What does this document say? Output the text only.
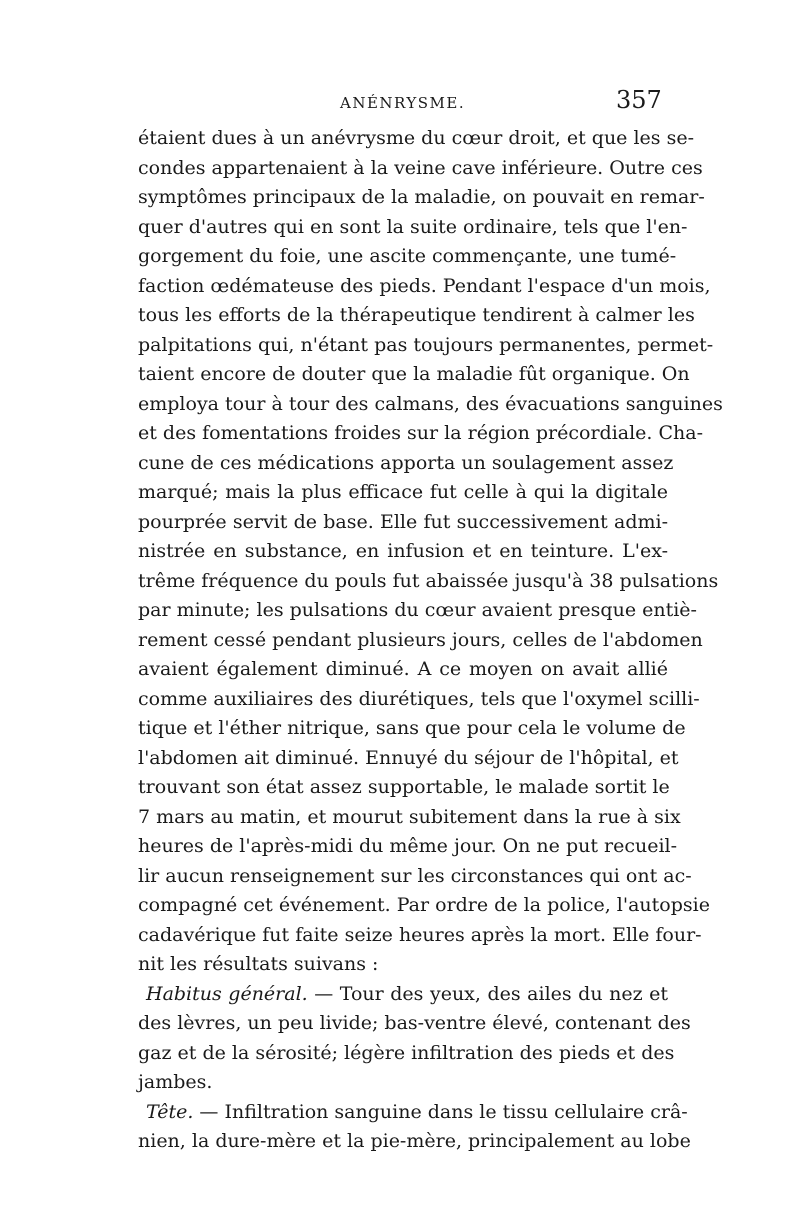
ANÉNRYSME.	357
étaient dues à un anévrysme du cœur droit, et que les se-
condes appartenaient à la veine cave inférieure. Outre ces
symptômes principaux de la maladie, on pouvait en remar-
quer d'autres qui en sont la suite ordinaire, tels que l'en-
gorgement du foie, une ascite commençante, une tumé-
faction œdémateuse des pieds. Pendant l'espace d'un mois,
tous les efforts de la thérapeutique tendirent à calmer les
palpitations qui, n'étant pas toujours permanentes, permet-
taient encore de douter que la maladie fût organique. On
employa tour à tour des calmans, des évacuations sanguines
et des fomentations froides sur la région précordiale. Cha-
cune de ces médications apporta un soulagement assez
marqué; mais la plus efficace fut celle à qui la digitale
pourprée servit de base. Elle fut successivement admi-
nistrée en substance, en infusion et en teinture. L'ex-
trême fréquence du pouls fut abaissée jusqu'à 38 pulsations
par minute; les pulsations du cœur avaient presque entiè-
rement cessé pendant plusieurs jours, celles de l'abdomen
avaient également diminué. A ce moyen on avait allié
comme auxiliaires des diurétiques, tels que l'oxymel scilli-
tique et l'éther nitrique, sans que pour cela le volume de
l'abdomen ait diminué. Ennuyé du séjour de l'hôpital, et
trouvant son état assez supportable, le malade sortit le
7 mars au matin, et mourut subitement dans la rue à six
heures de l'après-midi du même jour. On ne put recueil-
lir aucun renseignement sur les circonstances qui ont ac-
compagné cet événement. Par ordre de la police, l'autopsie
cadavérique fut faite seize heures après la mort. Elle four-
nit les résultats suivans :
Habitus général. — Tour des yeux, des ailes du nez et
des lèvres, un peu livide; bas-ventre élevé, contenant des
gaz et de la sérosité; légère infiltration des pieds et des
jambes.
Tête. — Infiltration sanguine dans le tissu cellulaire crâ-
nien, la dure-mère et la pie-mère, principalement au lobe
